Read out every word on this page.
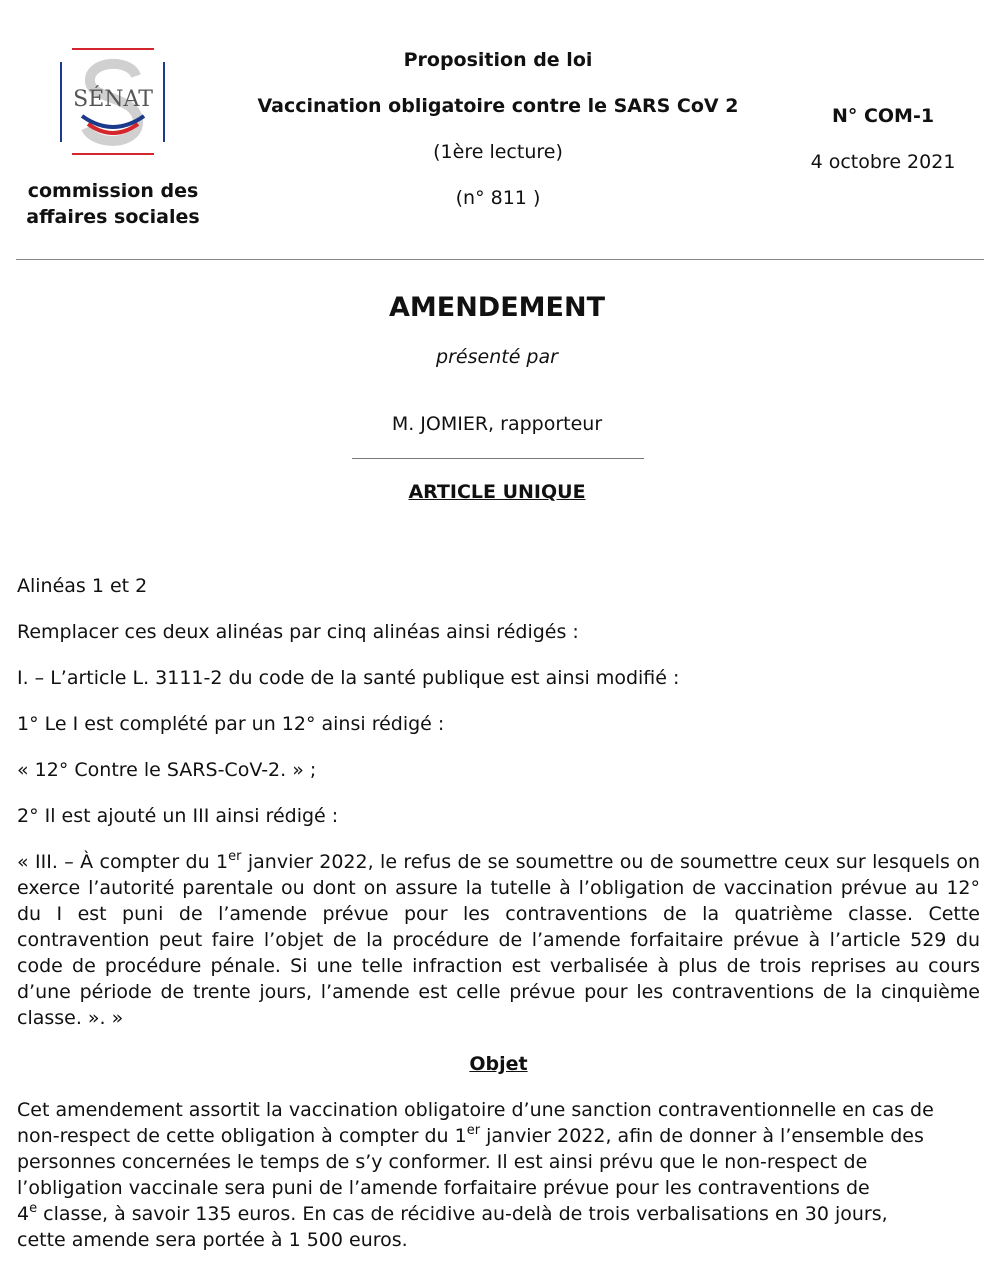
SÉNAT
commission des affaires sociales
Proposition de loi
Vaccination obligatoire contre le SARS CoV 2
(1ère lecture)
(n° 811 )
N° COM-1
4 octobre 2021
AMENDEMENT
présenté par
M. JOMIER, rapporteur
ARTICLE UNIQUE

Alinéas 1 et 2

Remplacer ces deux alinéas par cinq alinéas ainsi rédigés :

I. – L’article L. 3111-2 du code de la santé publique est ainsi modifié :

1° Le I est complété par un 12° ainsi rédigé :

« 12° Contre le SARS-CoV-2. » ;

2° Il est ajouté un III ainsi rédigé :

« III. – À compter du 1er janvier 2022, le refus de se soumettre ou de soumettre ceux sur lesquels on exerce l’autorité parentale ou dont on assure la tutelle à l’obligation de vaccination prévue au 12° du I est puni de l’amende prévue pour les contraventions de la quatrième classe. Cette contravention peut faire l’objet de la procédure de l’amende forfaitaire prévue à l’article 529 du code de procédure pénale. Si une telle infraction est verbalisée à plus de trois reprises au cours d’une période de trente jours, l’amende est celle prévue pour les contraventions de la cinquième classe. ». »

Objet
Cet amendement assortit la vaccination obligatoire d’une sanction contraventionnelle en cas de
non-respect de cette obligation à compter du 1er janvier 2022, afin de donner à l’ensemble des
personnes concernées le temps de s’y conformer. Il est ainsi prévu que le non-respect de
l’obligation vaccinale sera puni de l’amende forfaitaire prévue pour les contraventions de
4e classe, à savoir 135 euros. En cas de récidive au-delà de trois verbalisations en 30 jours,
cette amende sera portée à 1 500 euros.
